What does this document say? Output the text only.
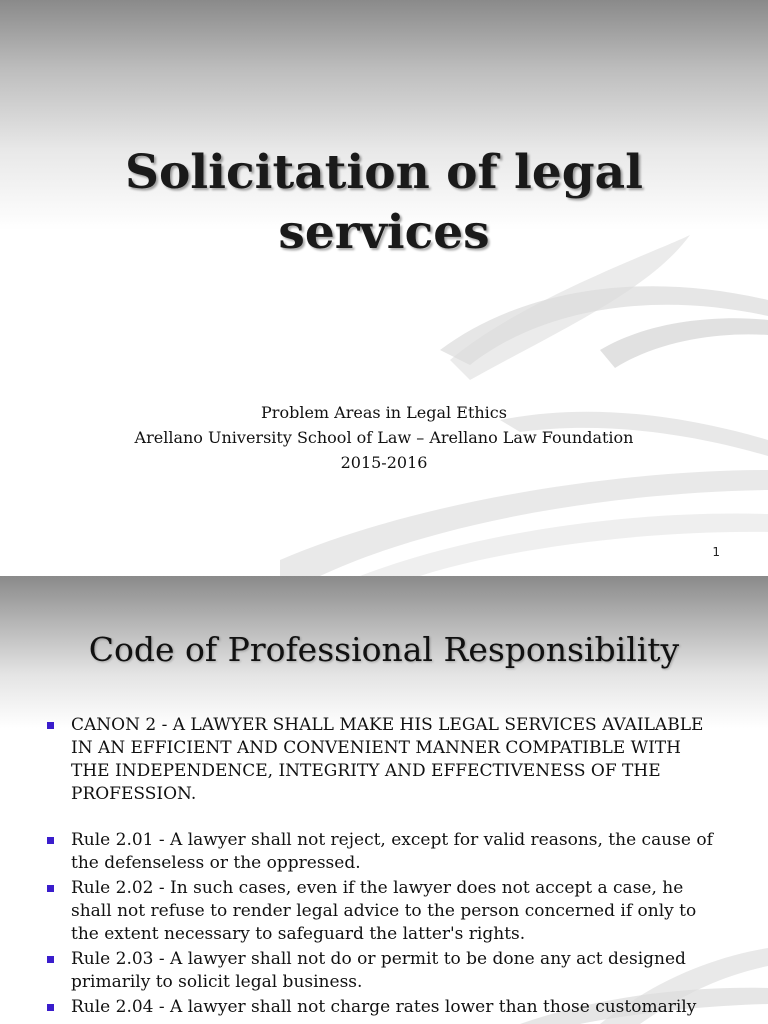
Solicitation of legal
services
Problem Areas in Legal Ethics
Arellano University School of Law – Arellano Law Foundation
2015-2016
1
Code of Professional Responsibility
CANON 2 - A LAWYER SHALL MAKE HIS LEGAL SERVICES AVAILABLE IN AN EFFICIENT AND CONVENIENT MANNER COMPATIBLE WITH THE INDEPENDENCE, INTEGRITY AND EFFECTIVENESS OF THE PROFESSION.
Rule 2.01 - A lawyer shall not reject, except for valid reasons, the cause of the defenseless or the oppressed.
Rule 2.02 - In such cases, even if the lawyer does not accept a case, he shall not refuse to render legal advice to the person concerned if only to the extent necessary to safeguard the latter's rights.
Rule 2.03 - A lawyer shall not do or permit to be done any act designed primarily to solicit legal business.
Rule 2.04 - A lawyer shall not charge rates lower than those customarily
